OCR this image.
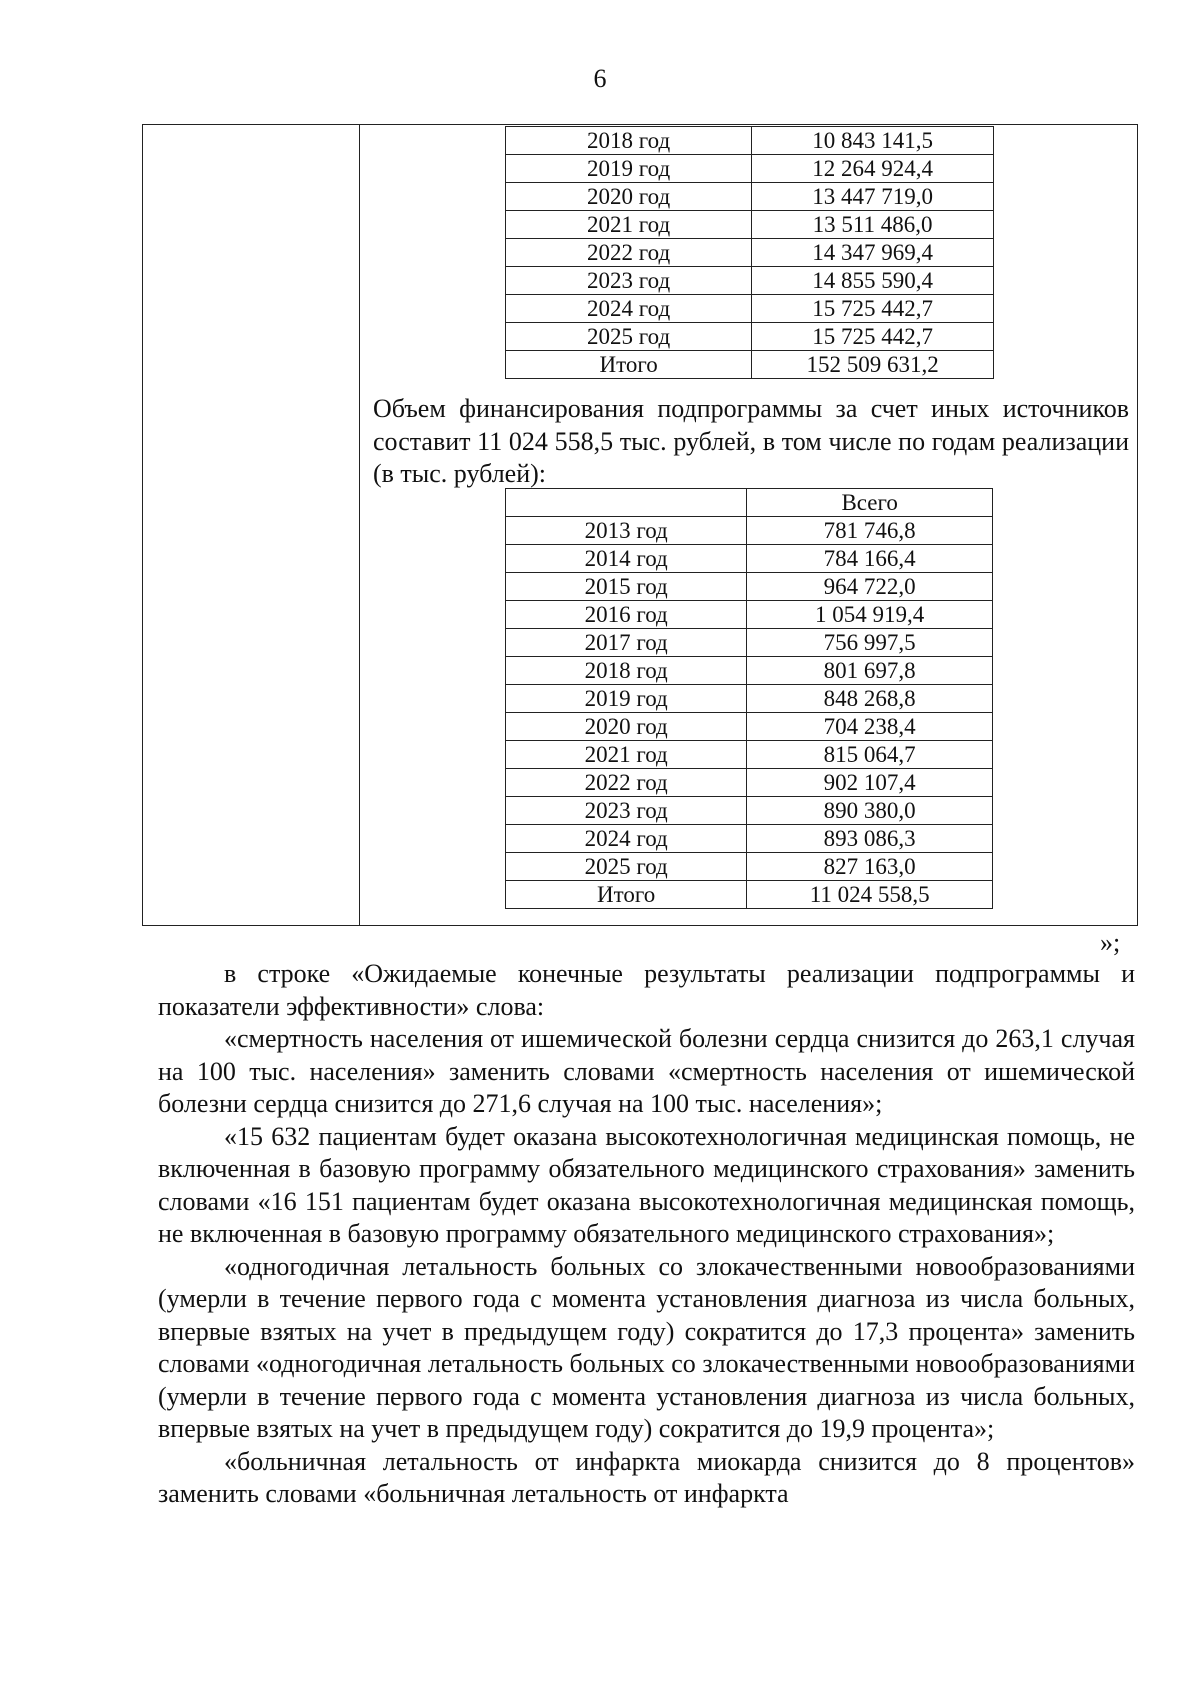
6
2018 год	10 843 141,5
2019 год	12 264 924,4
2020 год	13 447 719,0
2021 год	13 511 486,0
2022 год	14 347 969,4
2023 год	14 855 590,4
2024 год	15 725 442,7
2025 год	15 725 442,7
Итого	152 509 631,2
Объем финансирования подпрограммы за счет иных источников составит 11 024 558,5 тыс. рублей, в том числе по годам реализации (в тыс. рублей):
	Всего
2013 год	781 746,8
2014 год	784 166,4
2015 год	964 722,0
2016 год	1 054 919,4
2017 год	756 997,5
2018 год	801 697,8
2019 год	848 268,8
2020 год	704 238,4
2021 год	815 064,7
2022 год	902 107,4
2023 год	890 380,0
2024 год	893 086,3
2025 год	827 163,0
Итого	11 024 558,5
»;

в строке «Ожидаемые конечные результаты реализации подпрограммы и показатели эффективности» слова:

«смертность населения от ишемической болезни сердца снизится до 263,1 случая на 100 тыс. населения» заменить словами «смертность населения от ишемической болезни сердца снизится до 271,6 случая на 100 тыс. населения»;

«15 632 пациентам будет оказана высокотехнологичная медицинская помощь, не включенная в базовую программу обязательного медицинского страхования» заменить словами «16 151 пациентам будет оказана высокотехнологичная медицинская помощь, не включенная в базовую программу обязательного медицинского страхования»;

«одногодичная летальность больных со злокачественными новообразованиями (умерли в течение первого года с момента установления диагноза из числа больных, впервые взятых на учет в предыдущем году) сократится до 17,3 процента» заменить словами «одногодичная летальность больных со злокачественными новообразованиями (умерли в течение первого года с момента установления диагноза из числа больных, впервые взятых на учет в предыдущем году) сократится до 19,9 процента»;

«больничная летальность от инфаркта миокарда снизится до 8 процентов» заменить словами «больничная летальность от инфаркта
